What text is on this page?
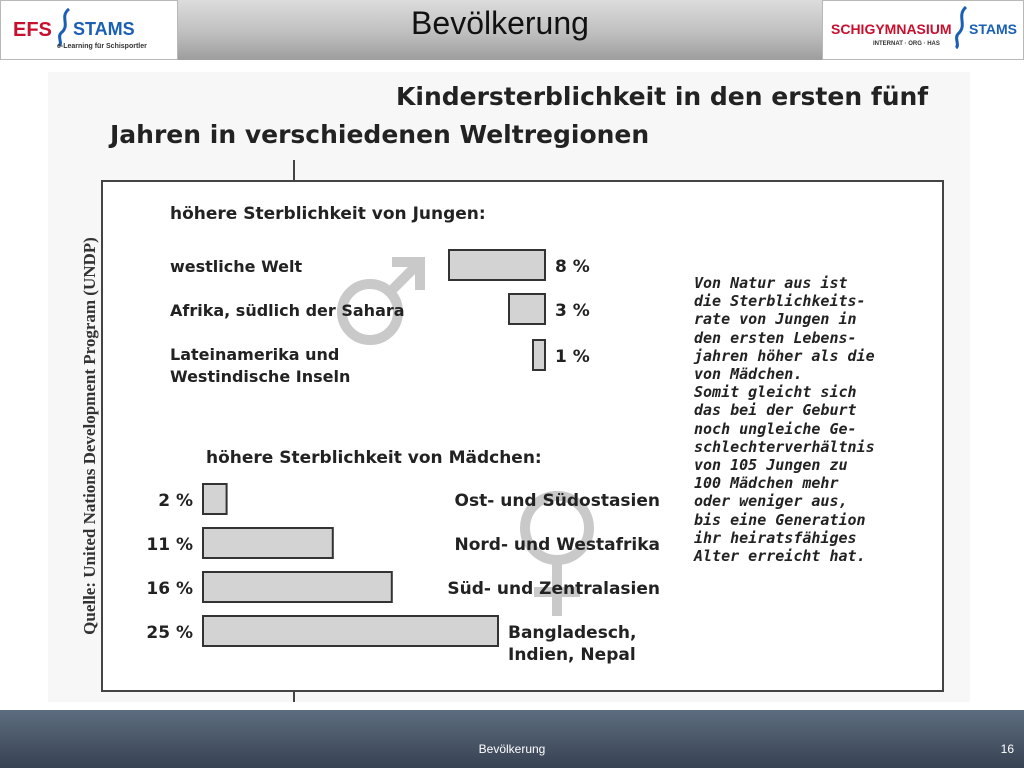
EFS STAMS
e-Learning für Schisportler
Bevölkerung	SCHIGYMNASIUM STAMS
INTERNAT · ORG · HAS
Kindersterblichkeit in den ersten fünf
Jahren in verschiedenen Weltregionen
Quelle: United Nations Development Program (UNDP)
höhere Sterblichkeit von Jungen:
höhere Sterblichkeit von Mädchen:
8 %
westliche Welt
3 %
Afrika, südlich der Sahara
1 %
Lateinamerika und
Westindische Inseln
2 %	Ost- und Südostasien
11 %	Nord- und Westafrika
16 %	Süd- und Zentralasien
25 %	Bangladesch,
Indien, Nepal
Von Natur aus ist
die Sterblichkeits-
rate von Jungen in
den ersten Lebens-
jahren höher als die
von Mädchen.
Somit gleicht sich
das bei der Geburt
noch ungleiche Ge-
schlechterverhältnis
von 105 Jungen zu
100 Mädchen mehr
oder weniger aus,
bis eine Generation
ihr heiratsfähiges
Alter erreicht hat.
Bevölkerung	16
